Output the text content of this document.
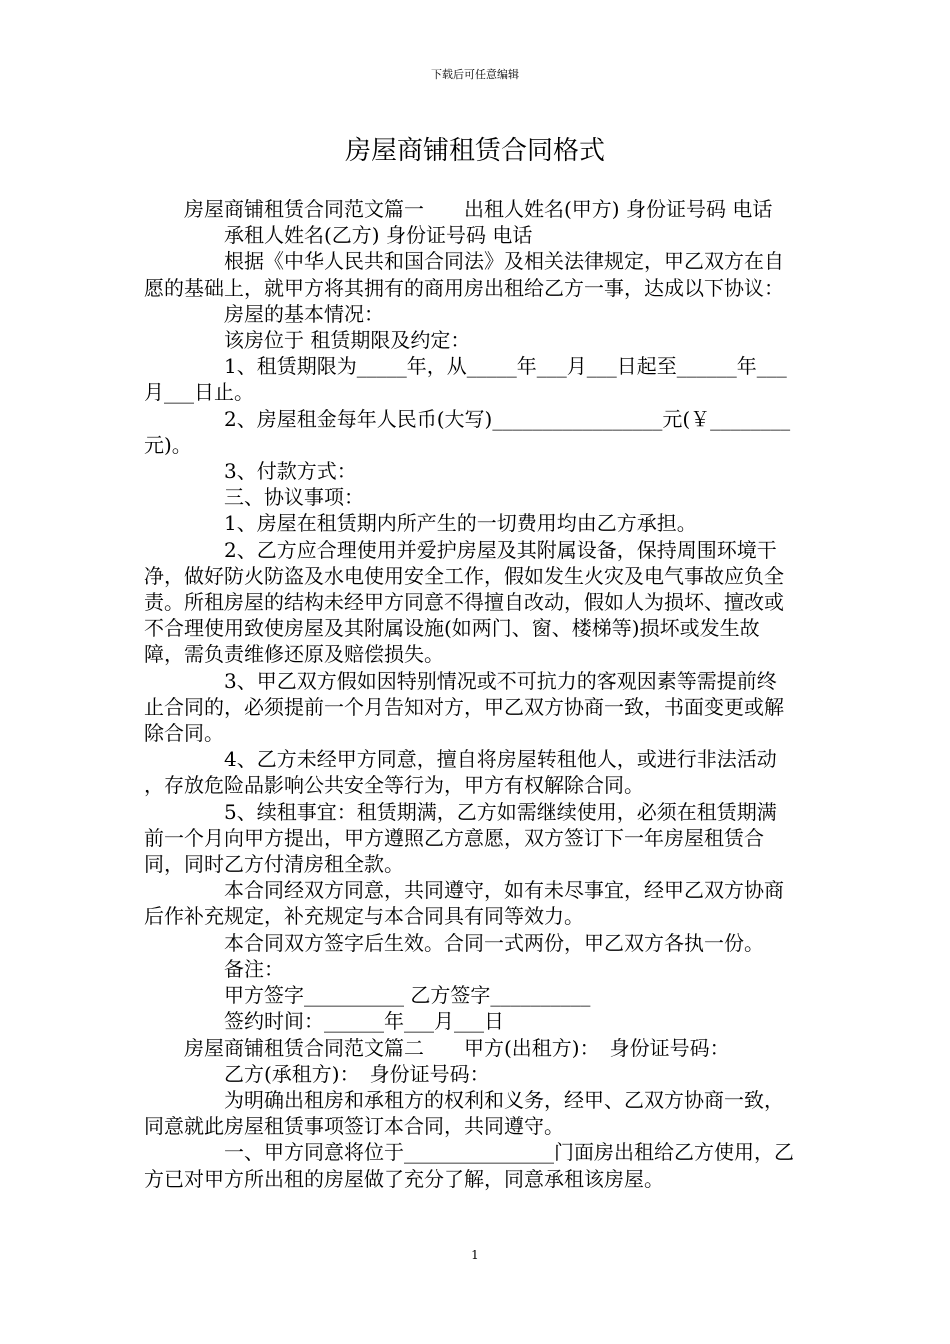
下载后可任意编辑
房屋商铺租赁合同格式

房屋商铺租赁合同范文篇一　　出租人姓名(甲方) 身份证号码 电话

承租人姓名(乙方) 身份证号码 电话

根据《中华人民共和国合同法》及相关法律规定，甲乙双方在自愿的基础上，就甲方将其拥有的商用房出租给乙方一事，达成以下协议：

房屋的基本情况：

该房位于 租赁期限及约定：

1、租赁期限为_____年，从_____年___月___日起至______年___月___日止。

2、房屋租金每年人民币(大写)_________________元(￥________元)。

3、付款方式：

三、协议事项：

1、房屋在租赁期内所产生的一切费用均由乙方承担。

2、乙方应合理使用并爱护房屋及其附属设备，保持周围环境干净，做好防火防盗及水电使用安全工作，假如发生火灾及电气事故应负全责。所租房屋的结构未经甲方同意不得擅自改动，假如人为损坏、擅改或不合理使用致使房屋及其附属设施(如两门、窗、楼梯等)损坏或发生故障，需负责维修还原及赔偿损失。

3、甲乙双方假如因特别情况或不可抗力的客观因素等需提前终止合同的，必须提前一个月告知对方，甲乙双方协商一致，书面变更或解除合同。

4、乙方未经甲方同意，擅自将房屋转租他人，或进行非法活动 ，存放危险品影响公共安全等行为，甲方有权解除合同。

5、续租事宜：租赁期满，乙方如需继续使用，必须在租赁期满前一个月向甲方提出，甲方遵照乙方意愿，双方签订下一年房屋租赁合同，同时乙方付清房租全款。

本合同经双方同意，共同遵守，如有未尽事宜，经甲乙双方协商后作补充规定，补充规定与本合同具有同等效力。

本合同双方签字后生效。合同一式两份，甲乙双方各执一份。

备注：

甲方签字__________ 乙方签字__________

签约时间：______年___月___日

房屋商铺租赁合同范文篇二　　甲方(出租方)：　身份证号码：

乙方(承租方)：　身份证号码：

为明确出租房和承租方的权利和义务，经甲、乙双方协商一致，同意就此房屋租赁事项签订本合同，共同遵守。

一、甲方同意将位于_______________门面房出租给乙方使用，乙方已对甲方所出租的房屋做了充分了解，同意承租该房屋。

1
